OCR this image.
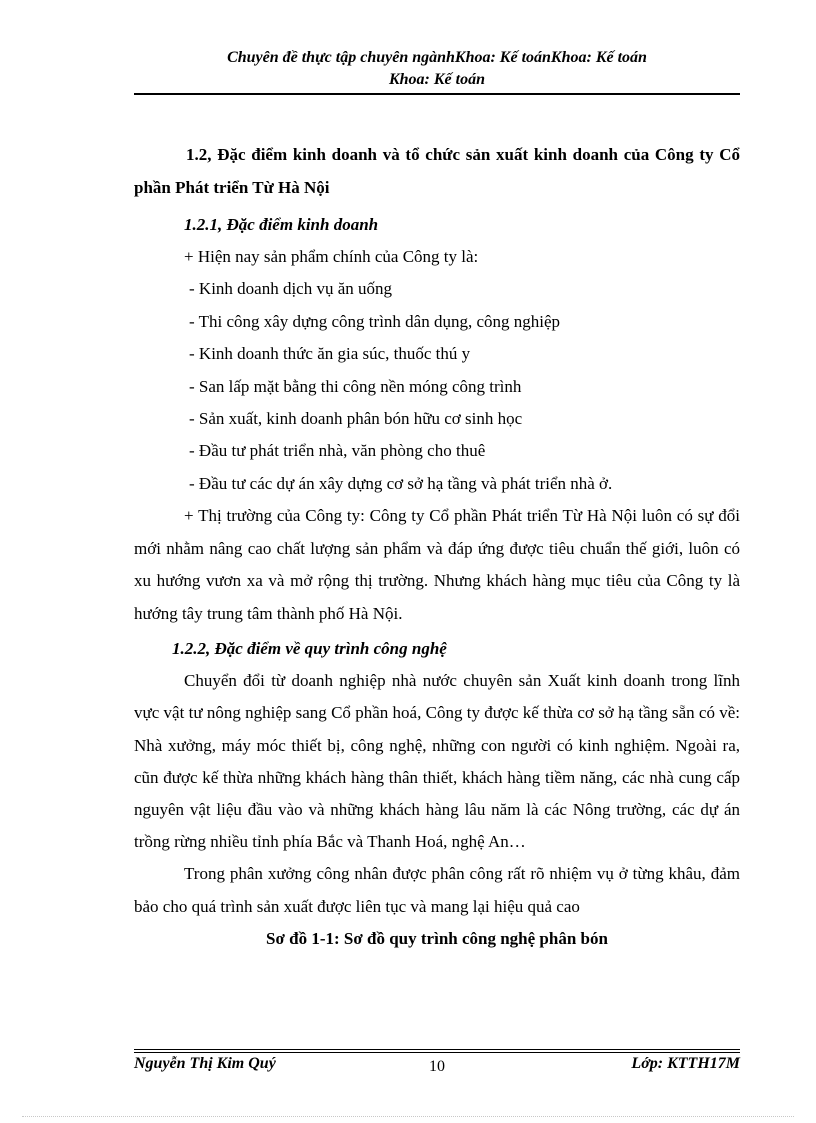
Chuyên đề thực tập chuyên ngànhKhoa: Kế toánKhoa: Kế toán
Khoa: Kế toán

1.2, Đặc điểm kinh doanh và tổ chức sản xuất kinh doanh của Công ty Cổ phần Phát triển Từ Hà Nội

1.2.1, Đặc điểm kinh doanh

+ Hiện nay sản phẩm chính của Công ty là:

- Kinh doanh dịch vụ ăn uống

- Thi công xây dựng công trình dân dụng, công nghiệp

- Kinh doanh thức ăn gia súc, thuốc thú y

- San lấp mặt bằng thi công nền móng công trình

- Sản xuất, kinh doanh phân bón hữu cơ sinh học

- Đầu tư phát triển nhà, văn phòng cho thuê

- Đầu tư các dự án xây dựng cơ sở hạ tầng và phát triển nhà ở.

+ Thị trường của Công ty: Công ty Cổ phần Phát triển Từ Hà Nội luôn có sự đổi mới nhằm nâng cao chất lượng sản phẩm và đáp ứng được tiêu chuẩn thế giới, luôn có xu hướng vươn xa và mở rộng thị trường. Nhưng khách hàng mục tiêu của Công ty là hướng tây trung tâm thành phố Hà Nội.

1.2.2, Đặc điểm về quy trình công nghệ

Chuyển đổi từ doanh nghiệp nhà nước chuyên sản Xuất kinh doanh trong lĩnh vực vật tư nông nghiệp sang Cổ phần hoá, Công ty được kế thừa cơ sở hạ tầng sẵn có về: Nhà xưởng, máy móc thiết bị, công nghệ, những con người có kinh nghiệm. Ngoài ra, cũn được kế thừa những khách hàng thân thiết, khách hàng tiềm năng, các nhà cung cấp nguyên vật liệu đầu vào và những khách hàng lâu năm là các Nông trường, các dự án trồng rừng nhiều tỉnh phía Bắc và Thanh Hoá, nghệ An…

Trong phân xưởng công nhân được phân công rất rõ nhiệm vụ ở từng khâu, đảm bảo cho quá trình sản xuất được liên tục và mang lại hiệu quả cao

Sơ đồ 1-1: Sơ đồ quy trình công nghệ phân bón

Nguyễn Thị Kim Quý	10	Lớp: KTTH17M
